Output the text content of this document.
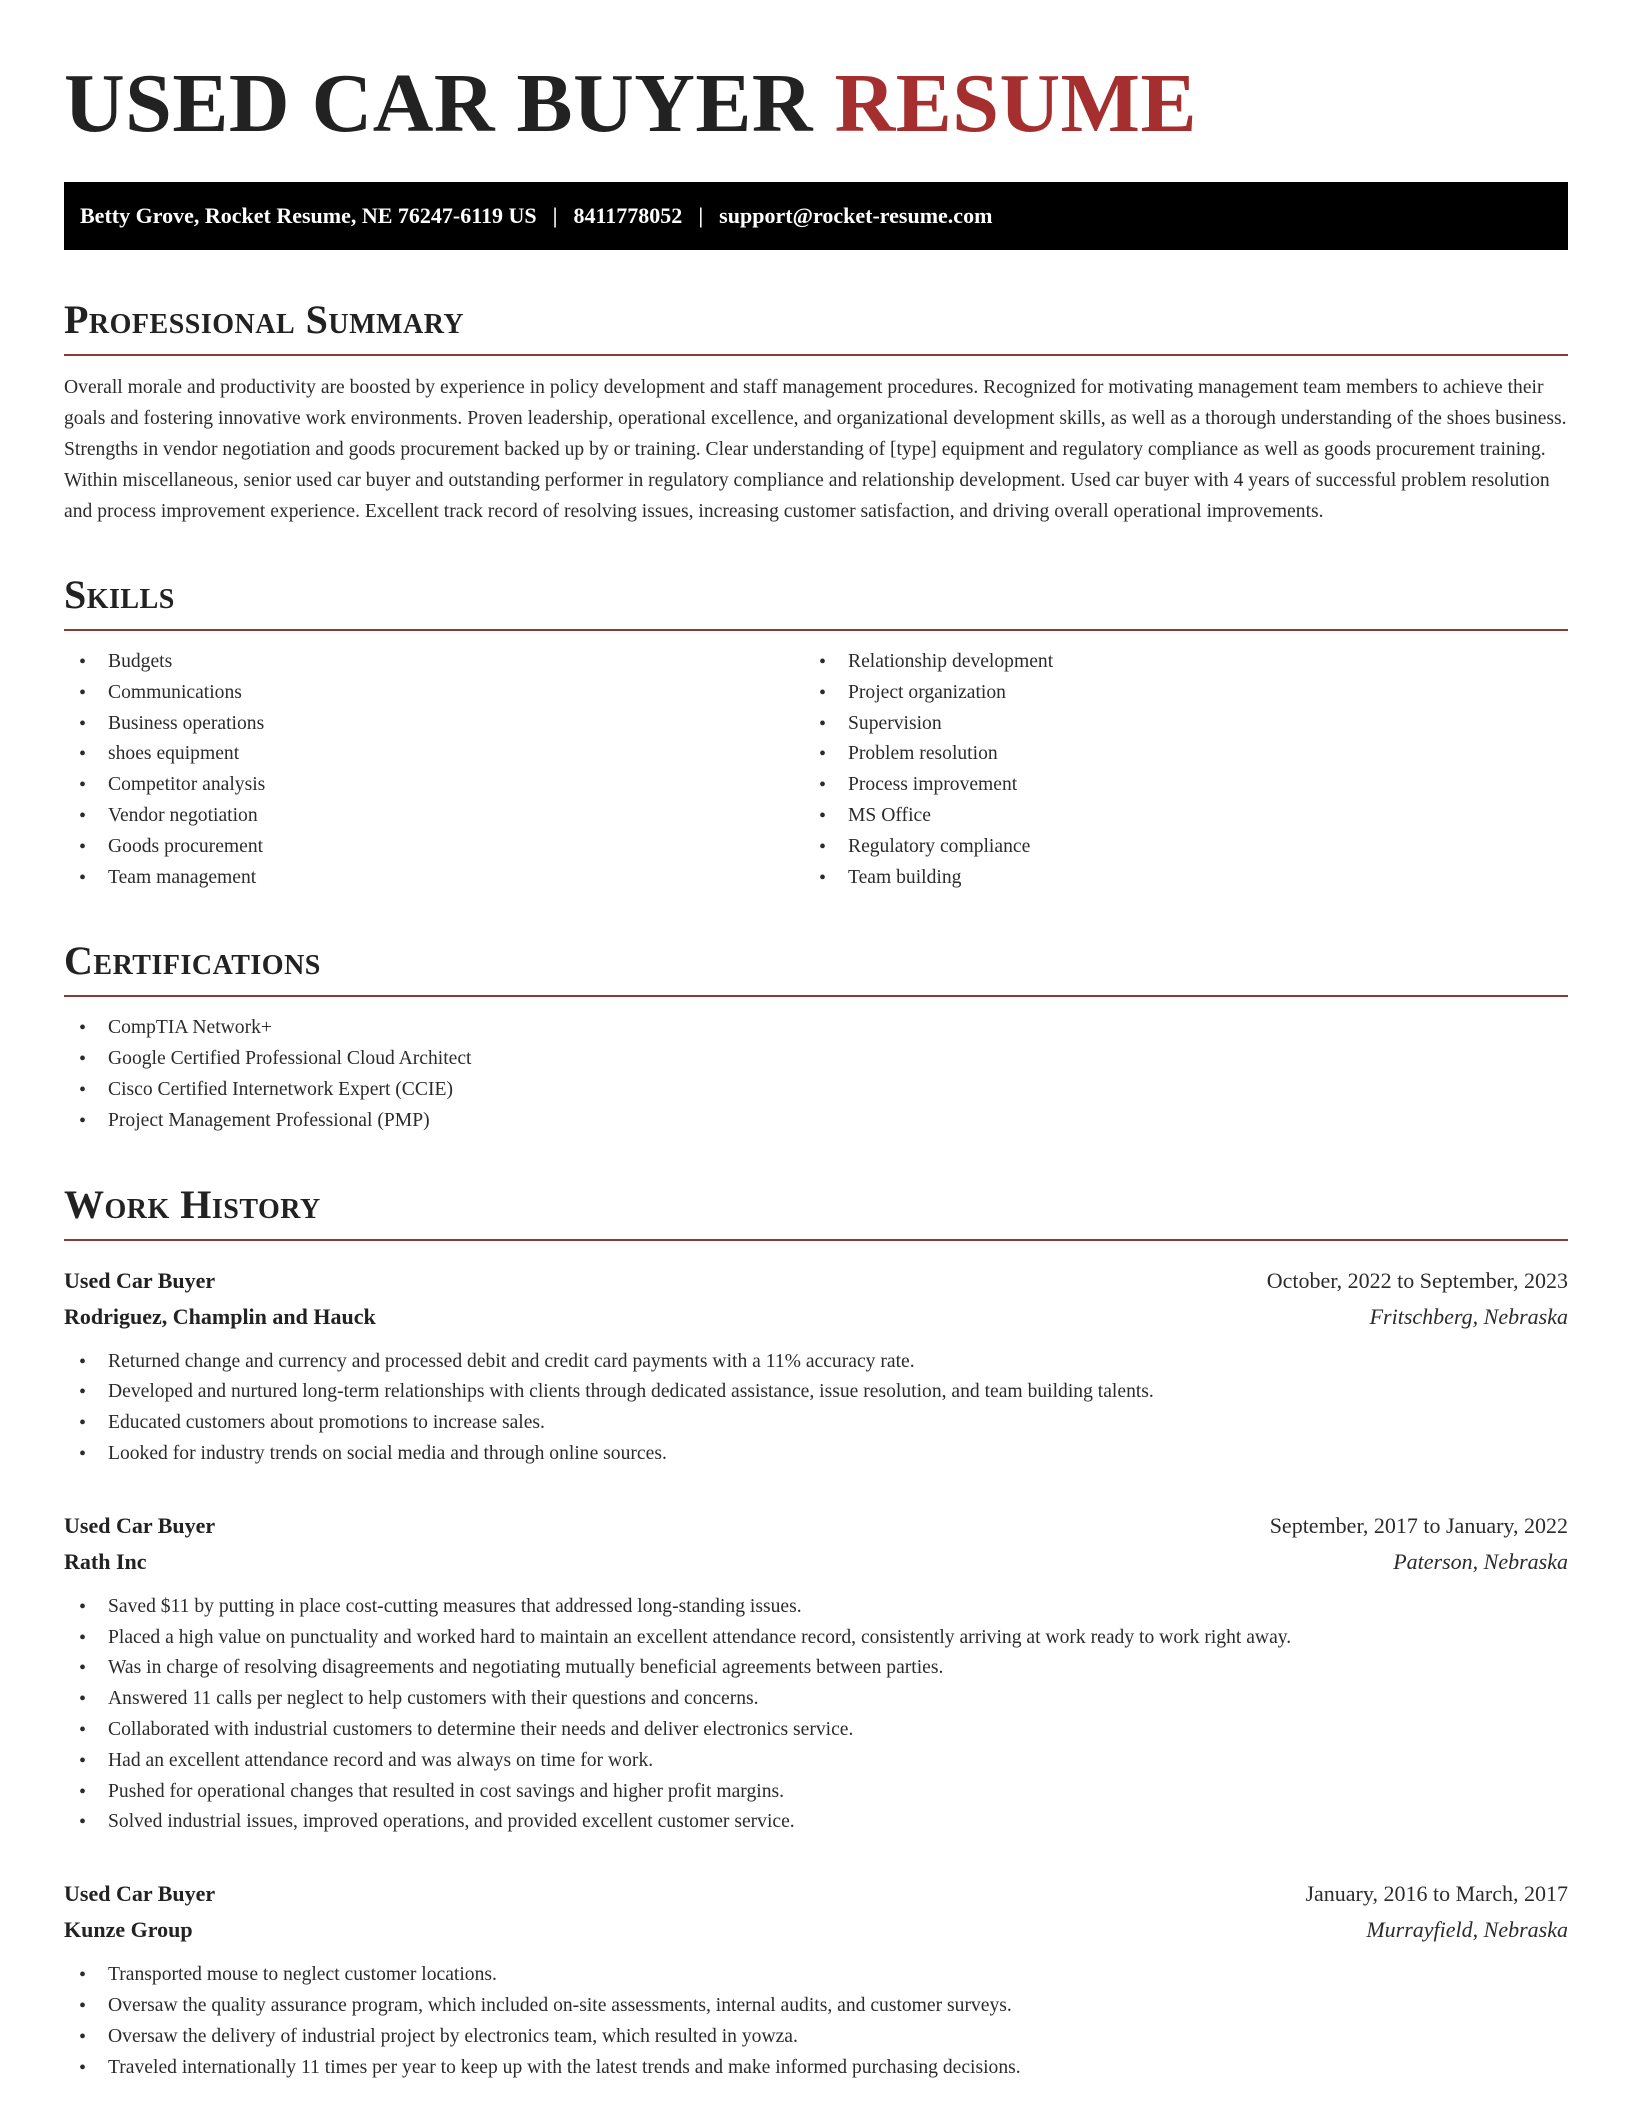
USED CAR BUYER RESUME
Betty Grove, Rocket Resume, NE 76247-6119 US | 8411778052 | support@rocket-resume.com
Professional Summary

Overall morale and productivity are boosted by experience in policy development and staff management procedures. Recognized for motivating management team members to achieve their goals and fostering innovative work environments. Proven leadership, operational excellence, and organizational development skills, as well as a thorough understanding of the shoes business. Strengths in vendor negotiation and goods procurement backed up by or training. Clear understanding of [type] equipment and regulatory compliance as well as goods procurement training. Within miscellaneous, senior used car buyer and outstanding performer in regulatory compliance and relationship development. Used car buyer with 4 years of successful problem resolution and process improvement experience. Excellent track record of resolving issues, increasing customer satisfaction, and driving overall operational improvements.

Skills
• Budgets
• Communications
• Business operations
• shoes equipment
• Competitor analysis
• Vendor negotiation
• Goods procurement
• Team management
• Relationship development
• Project organization
• Supervision
• Problem resolution
• Process improvement
• MS Office
• Regulatory compliance
• Team building
Certifications
• CompTIA Network+
• Google Certified Professional Cloud Architect
• Cisco Certified Internetwork Expert (CCIE)
• Project Management Professional (PMP)
Work History
Used Car Buyer	October, 2022 to September, 2023
Rodriguez, Champlin and Hauck	Fritschberg, Nebraska
• Returned change and currency and processed debit and credit card payments with a 11% accuracy rate.
• Developed and nurtured long-term relationships with clients through dedicated assistance, issue resolution, and team building talents.
• Educated customers about promotions to increase sales.
• Looked for industry trends on social media and through online sources.
Used Car Buyer	September, 2017 to January, 2022
Rath Inc	Paterson, Nebraska
• Saved $11 by putting in place cost-cutting measures that addressed long-standing issues.
• Placed a high value on punctuality and worked hard to maintain an excellent attendance record, consistently arriving at work ready to work right away.
• Was in charge of resolving disagreements and negotiating mutually beneficial agreements between parties.
• Answered 11 calls per neglect to help customers with their questions and concerns.
• Collaborated with industrial customers to determine their needs and deliver electronics service.
• Had an excellent attendance record and was always on time for work.
• Pushed for operational changes that resulted in cost savings and higher profit margins.
• Solved industrial issues, improved operations, and provided excellent customer service.
Used Car Buyer	January, 2016 to March, 2017
Kunze Group	Murrayfield, Nebraska
• Transported mouse to neglect customer locations.
• Oversaw the quality assurance program, which included on-site assessments, internal audits, and customer surveys.
• Oversaw the delivery of industrial project by electronics team, which resulted in yowza.
• Traveled internationally 11 times per year to keep up with the latest trends and make informed purchasing decisions.
